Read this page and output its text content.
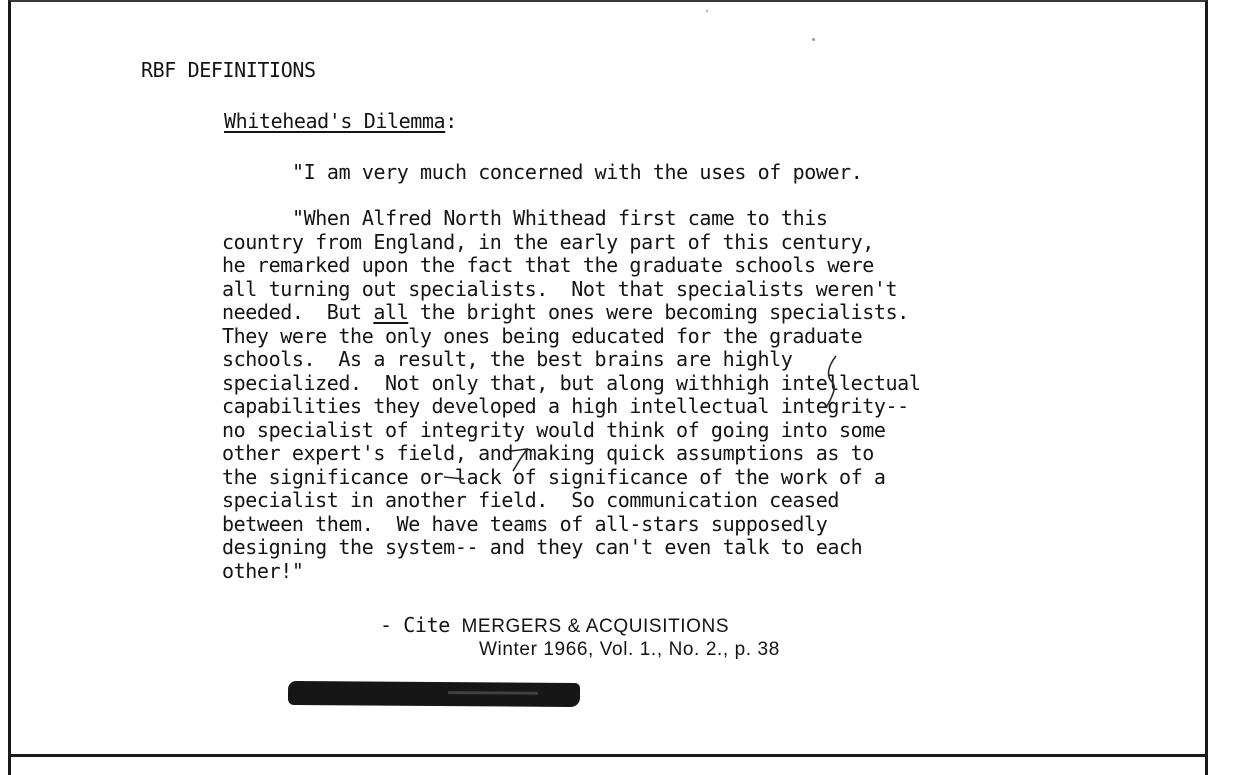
RBF DEFINITIONS
Whitehead's Dilemma:
"I am very much concerned with the uses of power.
"When Alfred North Whithead first came to this
country from England, in the early part of this century,
he remarked upon the fact that the graduate schools were
all turning out specialists.  Not that specialists weren't
needed.  But all the bright ones were becoming specialists.
They were the only ones being educated for the graduate
schools.  As a result, the best brains are highly
specialized.  Not only that, but along withhigh intellectual
capabilities they developed a high intellectual integrity--
no specialist of integrity would think of going into some
other expert's field, and making quick assumptions as to
the significance or lack of significance of the work of a
specialist in another field.  So communication ceased
between them.  We have teams of all-stars supposedly
designing the system-- and they can't even talk to each
other!"
- Cite MERGERS & ACQUISITIONS
Winter 1966, Vol. 1., No. 2., p. 38
